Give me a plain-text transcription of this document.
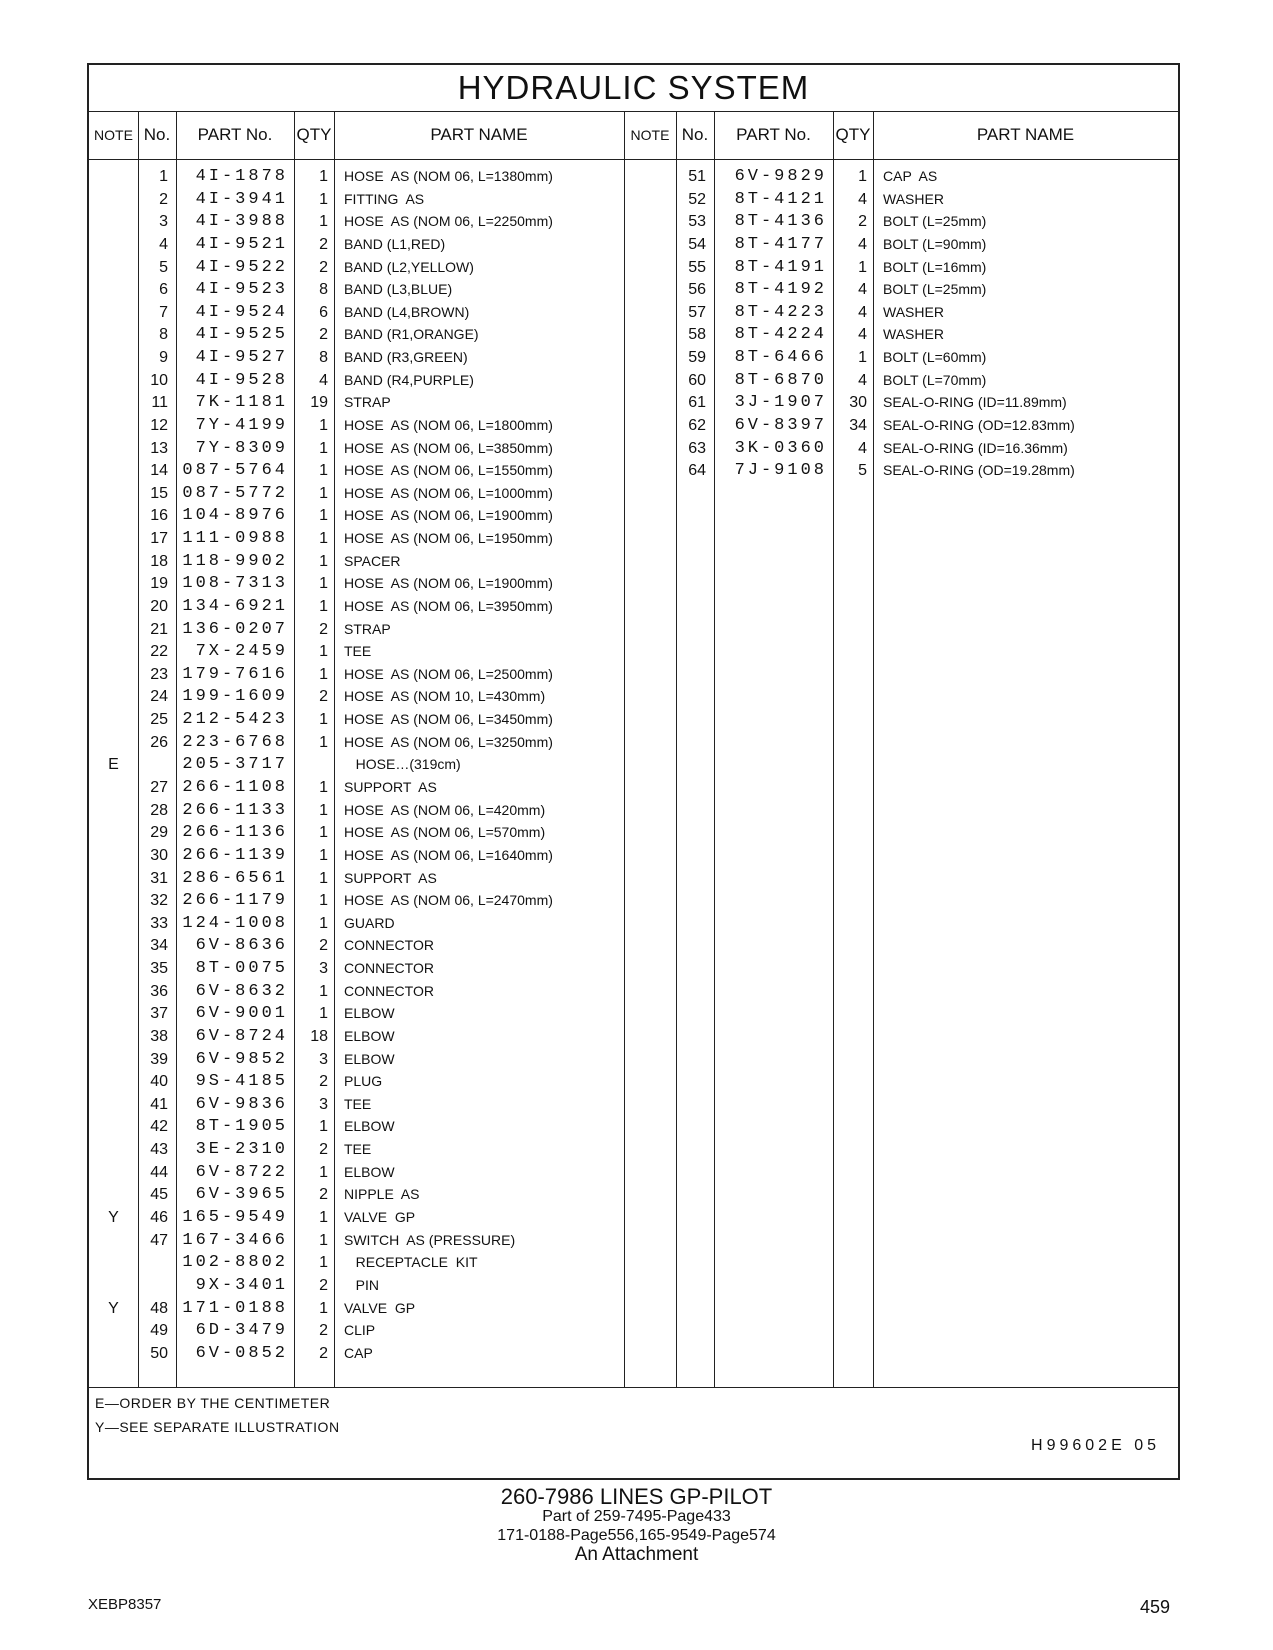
HYDRAULIC SYSTEM
NOTE No.	PART No.	QTY	PART NAME	NOTE No.	PART No.	QTY	PART NAME
1	4I-1878	1 HOSE  AS (NOM 06, L=1380mm)
2	4I-3941	1 FITTING  AS
3	4I-3988	1 HOSE  AS (NOM 06, L=2250mm)
4	4I-9521	2 BAND (L1,RED)
5	4I-9522	2 BAND (L2,YELLOW)
6	4I-9523	8 BAND (L3,BLUE)
7	4I-9524	6 BAND (L4,BROWN)
8	4I-9525	2 BAND (R1,ORANGE)
9	4I-9527	8 BAND (R3,GREEN)
10	4I-9528	4 BAND (R4,PURPLE)
11	7K-1181	19 STRAP
12	7Y-4199	1 HOSE  AS (NOM 06, L=1800mm)
13	7Y-8309	1 HOSE  AS (NOM 06, L=3850mm)
14 087-5764	1 HOSE  AS (NOM 06, L=1550mm)
15 087-5772	1 HOSE  AS (NOM 06, L=1000mm)
16 104-8976	1 HOSE  AS (NOM 06, L=1900mm)
17 111-0988	1 HOSE  AS (NOM 06, L=1950mm)
18 118-9902	1 SPACER
19 108-7313	1 HOSE  AS (NOM 06, L=1900mm)
20 134-6921	1 HOSE  AS (NOM 06, L=3950mm)
21 136-0207	2 STRAP
22	7X-2459	1 TEE
23 179-7616	1 HOSE  AS (NOM 06, L=2500mm)
24 199-1609	2 HOSE  AS (NOM 10, L=430mm)
25 212-5423	1 HOSE  AS (NOM 06, L=3450mm)
26 223-6768	1 HOSE  AS (NOM 06, L=3250mm)
E	205-3717	HOSE…(319cm)
27 266-1108	1 SUPPORT  AS
28 266-1133	1 HOSE  AS (NOM 06, L=420mm)
29 266-1136	1 HOSE  AS (NOM 06, L=570mm)
30 266-1139	1 HOSE  AS (NOM 06, L=1640mm)
31 286-6561	1 SUPPORT  AS
32 266-1179	1 HOSE  AS (NOM 06, L=2470mm)
33 124-1008	1 GUARD
34	6V-8636	2 CONNECTOR
35	8T-0075	3 CONNECTOR
36	6V-8632	1 CONNECTOR
37	6V-9001	1 ELBOW
38	6V-8724	18 ELBOW
39	6V-9852	3 ELBOW
40	9S-4185	2 PLUG
41	6V-9836	3 TEE
42	8T-1905	1 ELBOW
43	3E-2310	2 TEE
44	6V-8722	1 ELBOW
45	6V-3965	2 NIPPLE  AS
Y	46 165-9549	1 VALVE  GP
47 167-3466	1 SWITCH  AS (PRESSURE)
102-8802	1 RECEPTACLE  KIT
9X-3401	2 PIN
Y	48 171-0188	1 VALVE  GP
49	6D-3479	2 CLIP
50	6V-0852	2 CAP
51	6V-9829	1 CAP  AS
52	8T-4121	4 WASHER
53	8T-4136	2 BOLT (L=25mm)
54	8T-4177	4 BOLT (L=90mm)
55	8T-4191	1 BOLT (L=16mm)
56	8T-4192	4 BOLT (L=25mm)
57	8T-4223	4 WASHER
58	8T-4224	4 WASHER
59	8T-6466	1 BOLT (L=60mm)
60	8T-6870	4 BOLT (L=70mm)
61	3J-1907	30 SEAL-O-RING (ID=11.89mm)
62	6V-8397	34 SEAL-O-RING (OD=12.83mm)
63	3K-0360	4 SEAL-O-RING (ID=16.36mm)
64	7J-9108	5 SEAL-O-RING (OD=19.28mm)
E—ORDER BY THE CENTIMETER
Y—SEE SEPARATE ILLUSTRATION
H99602E 05
260-7986 LINES GP-PILOT
Part of 259-7495-Page433
171-0188-Page556,165-9549-Page574
An Attachment
XEBP8357	459
